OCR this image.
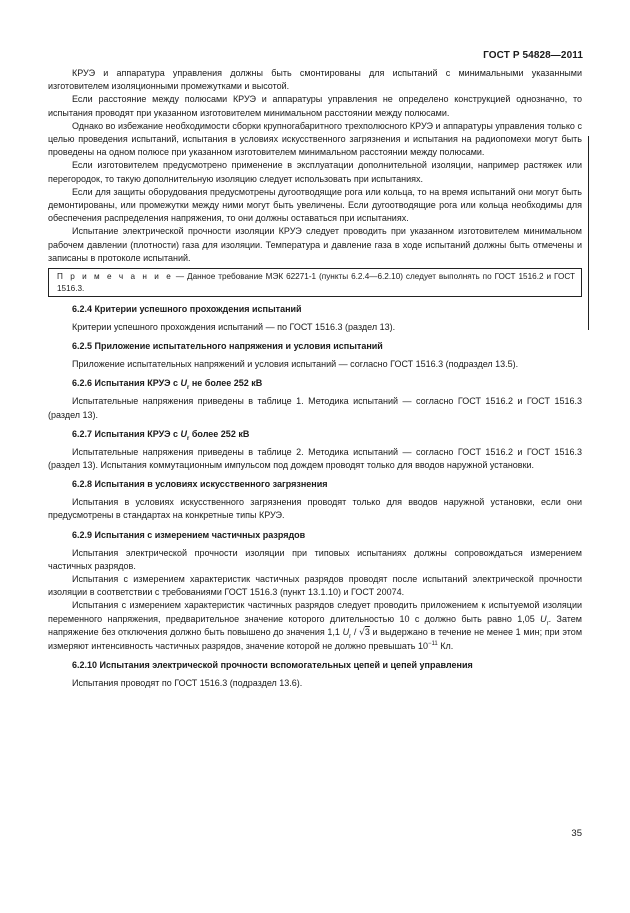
ГОСТ Р 54828—2011

КРУЭ и аппаратура управления должны быть смонтированы для испытаний с минимальными указанными изготовителем изоляционными промежутками и высотой.

Если расстояние между полюсами КРУЭ и аппаратуры управления не определено конструкцией однозначно, то испытания проводят при указанном изготовителем минимальном расстоянии между полюсами.

Однако во избежание необходимости сборки крупногабаритного трехполюсного КРУЭ и аппаратуры управления только с целью проведения испытаний, испытания в условиях искусственного загрязнения и испытания на радиопомехи могут быть проведены на одном полюсе при указанном изготовителем минимальном расстоянии между полюсами.

Если изготовителем предусмотрено применение в эксплуатации дополнительной изоляции, например растяжек или перегородок, то такую дополнительную изоляцию следует использовать при испытаниях.

Если для защиты оборудования предусмотрены дугоотводящие рога или кольца, то на время испытаний они могут быть демонтированы, или промежутки между ними могут быть увеличены. Если дугоотводящие рога или кольца необходимы для обеспечения распределения напряжения, то они должны оставаться при испытаниях.

Испытание электрической прочности изоляции КРУЭ следует проводить при указанном изготовителем минимальном рабочем давлении (плотности) газа для изоляции. Температура и давление газа в ходе испытаний должны быть отмечены и записаны в протоколе испытаний.

П р и м е ч а н и е — Данное требование МЭК 62271-1 (пункты 6.2.4—6.2.10) следует выполнять по ГОСТ 1516.2 и ГОСТ 1516.3.
6.2.4 Критерии успешного прохождения испытаний

Критерии успешного прохождения испытаний — по ГОСТ 1516.3 (раздел 13).

6.2.5 Приложение испытательного напряжения и условия испытаний

Приложение испытательных напряжений и условия испытаний — согласно ГОСТ 1516.3 (подраздел 13.5).

6.2.6 Испытания КРУЭ с $U_r$ не более 252 кВ

Испытательные напряжения приведены в таблице 1. Методика испытаний — согласно ГОСТ 1516.2 и ГОСТ 1516.3 (раздел 13).

6.2.7 Испытания КРУЭ с $U_r$ более 252 кВ

Испытательные напряжения приведены в таблице 2. Методика испытаний — согласно ГОСТ 1516.2 и ГОСТ 1516.3 (раздел 13). Испытания коммутационным импульсом под дождем проводят только для вводов наружной установки.

6.2.8 Испытания в условиях искусственного загрязнения

Испытания в условиях искусственного загрязнения проводят только для вводов наружной установки, если они предусмотрены в стандартах на конкретные типы КРУЭ.

6.2.9 Испытания с измерением частичных разрядов

Испытания электрической прочности изоляции при типовых испытаниях должны сопровождаться измерением частичных разрядов.

Испытания с измерением характеристик частичных разрядов проводят после испытаний электрической прочности изоляции в соответствии с требованиями ГОСТ 1516.3 (пункт 13.1.10) и ГОСТ 20074.

Испытания с измерением характеристик частичных разрядов следует проводить приложением к испытуемой изоляции переменного напряжения, предварительное значение которого длительностью 10 с должно быть равно 1,05 $U_r$. Затем напряжение без отключения должно быть повышено до значения 1,1 $U_r / √3$ и выдержано в течение не менее 1 мин; при этом измеряют интенсивность частичных разрядов, значение которой не должно превышать $10^{-11}$ Кл.

6.2.10 Испытания электрической прочности вспомогательных цепей и цепей управления

Испытания проводят по ГОСТ 1516.3 (подраздел 13.6).

35
